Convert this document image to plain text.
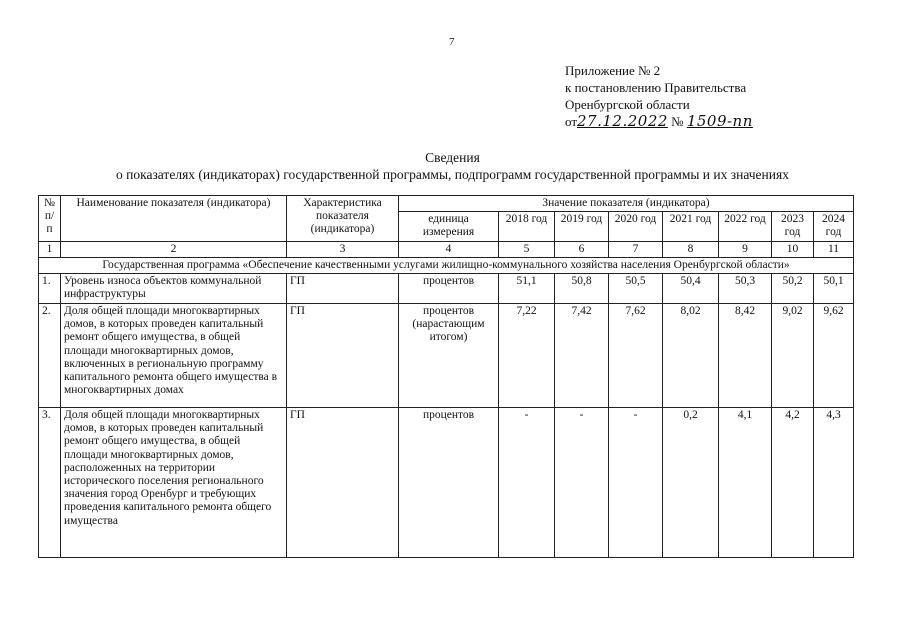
7
Приложение № 2
к постановлению Правительства
Оренбургской области
от27.12.2022 № 1509-пп
Сведения
о показателях (индикаторах) государственной программы, подпрограмм государственной программы и их значениях
№ п/п	Наименование показателя (индикатора)	Характеристика показателя (индикатора)	Значение показателя (индикатора)							
			единица измерения	2018 год	2019 год	2020 год	2021 год	2022 год	2023 год	2024 год
1	2	3	4	5	6	7	8	9	10	11
Государственная программа «Обеспечение качественными услугами жилищно-коммунального хозяйства населения Оренбургской области»										
1.	Уровень износа объектов коммунальной инфраструктуры	ГП	процентов	51,1	50,8	50,5	50,4	50,3	50,2	50,1
2.	Доля общей площади многоквартирных домов, в которых проведен капитальный ремонт общего имущества, в общей площади многоквартирных домов, включенных в региональную программу капитального ремонта общего имущества в многоквартирных домах	ГП	процентов (нарастающим итогом)	7,22	7,42	7,62	8,02	8,42	9,02	9,62
3.	Доля общей площади многоквартирных домов, в которых проведен капитальный ремонт общего имущества, в общей площади многоквартирных домов, расположенных на территории исторического поселения регионального значения город Оренбург и требующих проведения капитального ремонта общего имущества	ГП	процентов	-	-	-	0,2	4,1	4,2	4,3
